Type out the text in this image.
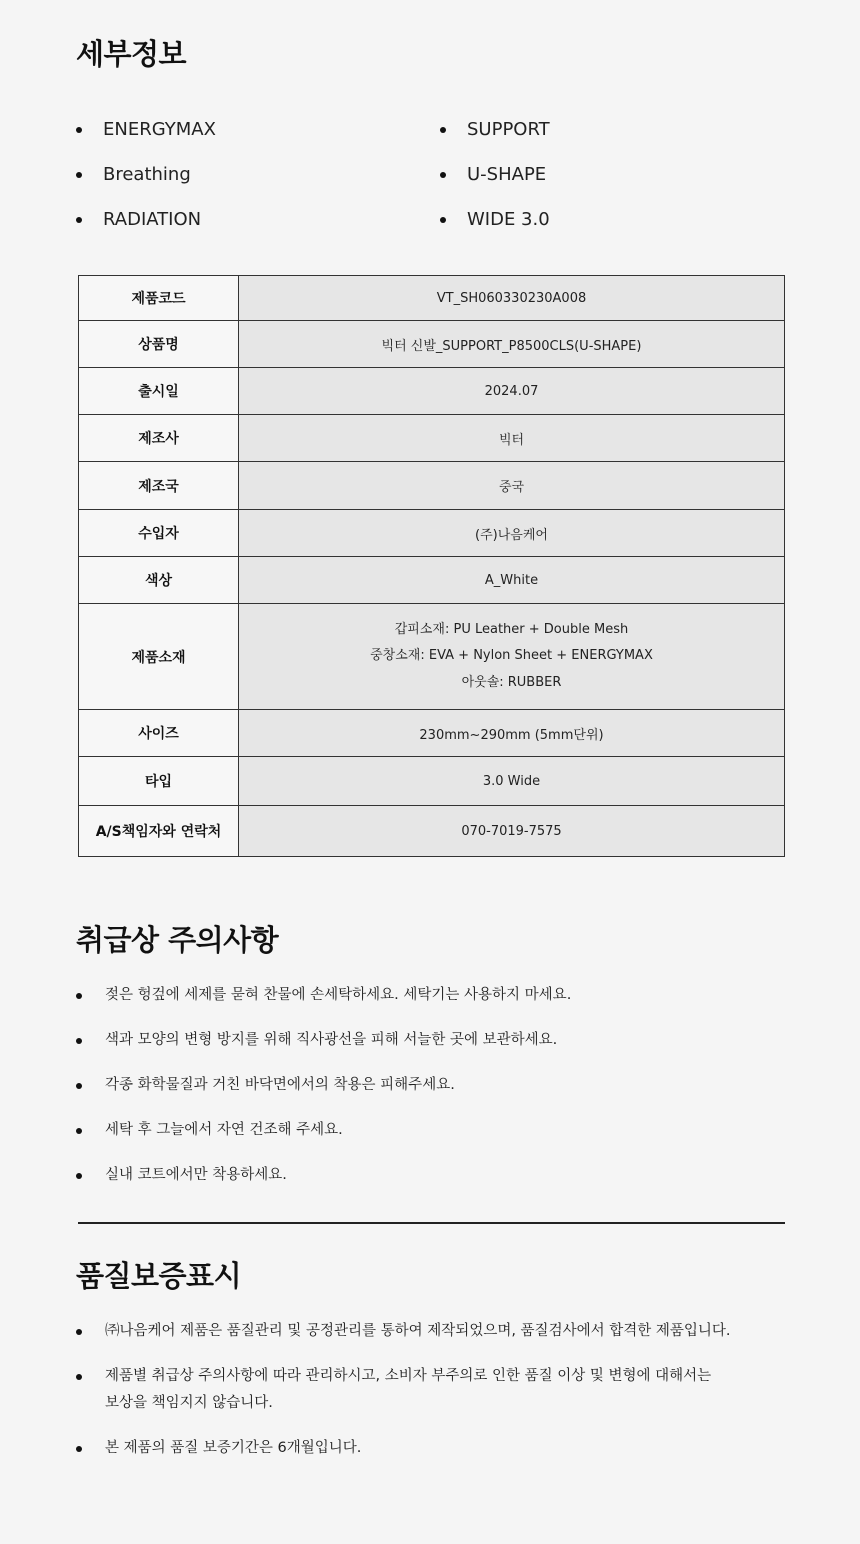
세부정보
ENERGYMAX	SUPPORT
Breathing	U-SHAPE
RADIATION	WIDE 3.0
제품코드	VT_SH060330230A008
상품명	빅터 신발_SUPPORT_P8500CLS(U-SHAPE)
출시일	2024.07
제조사	빅터
제조국	중국
수입자	(주)나음케어
색상	A_White
제품소재	갑피소재: PU Leather + Double Mesh
중창소재: EVA + Nylon Sheet + ENERGYMAX
아웃솔: RUBBER

사이즈	230mm~290mm (5mm단위)
타입	3.0 Wide
A/S책임자와 연락처	070-7019-7575
취급상 주의사항
젖은 헝겊에 세제를 묻혀 찬물에 손세탁하세요. 세탁기는 사용하지 마세요.
색과 모양의 변형 방지를 위해 직사광선을 피해 서늘한 곳에 보관하세요.
각종 화학물질과 거친 바닥면에서의 착용은 피해주세요.
세탁 후 그늘에서 자연 건조해 주세요.
실내 코트에서만 착용하세요.
품질보증표시
㈜나음케어 제품은 품질관리 및 공정관리를 통하여 제작되었으며, 품질검사에서 합격한 제품입니다.
제품별 취급상 주의사항에 따라 관리하시고, 소비자 부주의로 인한 품질 이상 및 변형에 대해서는 보상을 책임지지 않습니다.
본 제품의 품질 보증기간은 6개월입니다.
